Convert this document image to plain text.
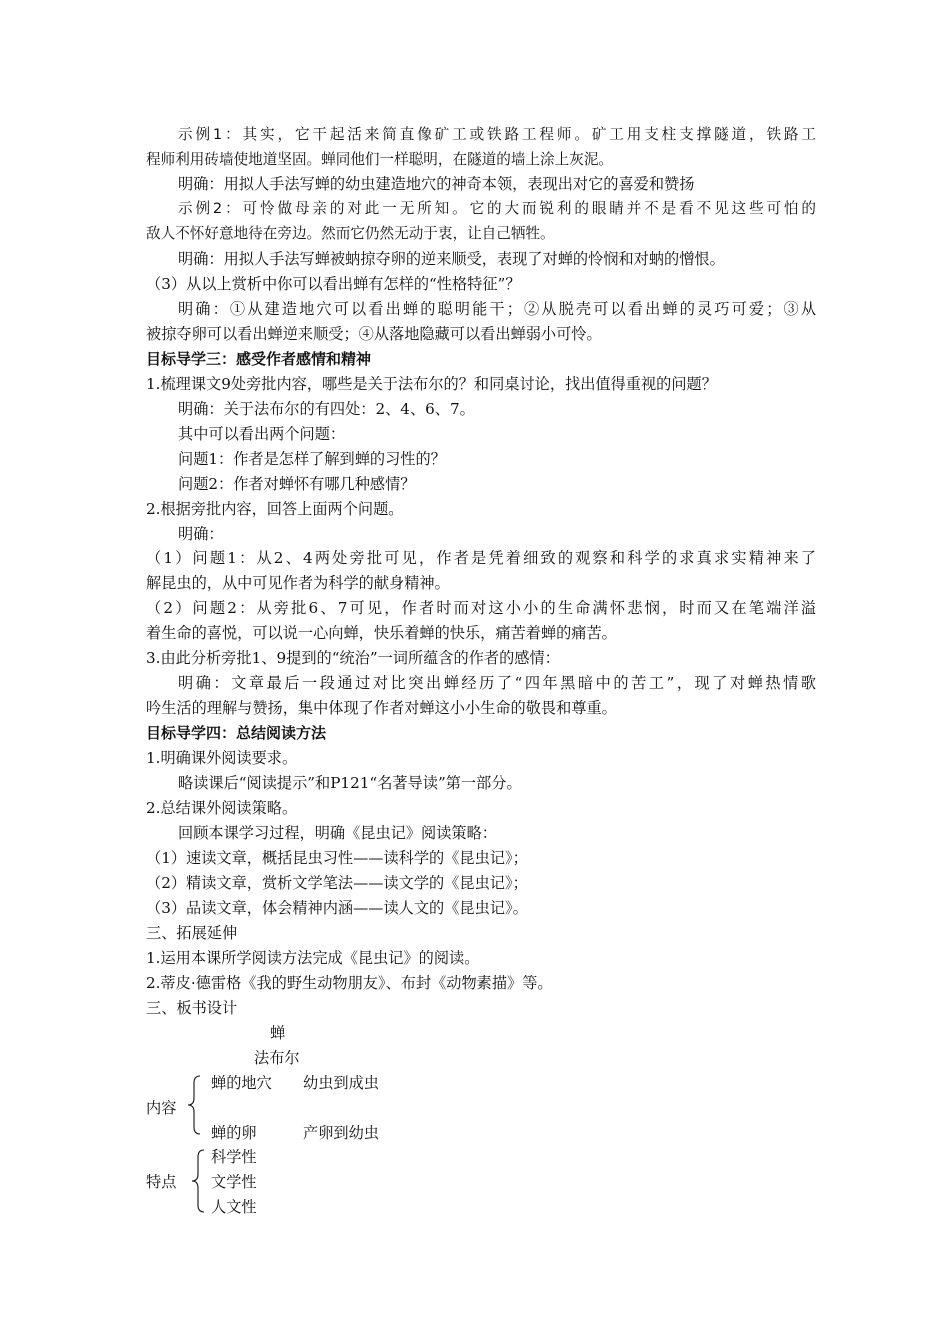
示例1：其实，它干起活来简直像矿工或铁路工程师。矿工用支柱支撑隧道，铁路工

程师利用砖墙使地道坚固。蝉同他们一样聪明，在隧道的墙上涂上灰泥。

明确：用拟人手法写蝉的幼虫建造地穴的神奇本领，表现出对它的喜爱和赞扬

示例2：可怜做母亲的对此一无所知。它的大而锐利的眼睛并不是看不见这些可怕的

敌人不怀好意地待在旁边。然而它仍然无动于衷，让自己牺牲。

明确：用拟人手法写蝉被蚋掠夺卵的逆来顺受，表现了对蝉的怜悯和对蚋的憎恨。

（3）从以上赏析中你可以看出蝉有怎样的“性格特征”？

明确：①从建造地穴可以看出蝉的聪明能干；②从脱壳可以看出蝉的灵巧可爱；③从

被掠夺卵可以看出蝉逆来顺受；④从落地隐藏可以看出蝉弱小可怜。

目标导学三：感受作者感情和精神

1.梳理课文9处旁批内容，哪些是关于法布尔的？和同桌讨论，找出值得重视的问题？

明确：关于法布尔的有四处：2、4、6、7。

其中可以看出两个问题：

问题1：作者是怎样了解到蝉的习性的？

问题2：作者对蝉怀有哪几种感情？

2.根据旁批内容，回答上面两个问题。

明确：

（1）问题1：从2、4两处旁批可见，作者是凭着细致的观察和科学的求真求实精神来了

解昆虫的，从中可见作者为科学的献身精神。

（2）问题2：从旁批6、7可见，作者时而对这小小的生命满怀悲悯，时而又在笔端洋溢

着生命的喜悦，可以说一心向蝉，快乐着蝉的快乐，痛苦着蝉的痛苦。

3.由此分析旁批1、9提到的“统治”一词所蕴含的作者的感情：

明确：文章最后一段通过对比突出蝉经历了“四年黑暗中的苦工”，现了对蝉热情歌

吟生活的理解与赞扬，集中体现了作者对蝉这小小生命的敬畏和尊重。

目标导学四：总结阅读方法

1.明确课外阅读要求。

略读课后“阅读提示”和P121“名著导读”第一部分。

2.总结课外阅读策略。

回顾本课学习过程，明确《昆虫记》阅读策略：

（1）速读文章，概括昆虫习性——读科学的《昆虫记》；

（2）精读文章，赏析文学笔法——读文学的《昆虫记》；

（3）品读文章，体会精神内涵——读人文的《昆虫记》。

三、拓展延伸

1.运用本课所学阅读方法完成《昆虫记》的阅读。

2.蒂皮·德雷格《我的野生动物朋友》、布封《动物素描》等。

三、板书设计

蝉

法布尔

内容

蝉的地穴 幼虫到成虫

蝉的卵	产卵到幼虫

特点

科学性

文学性

人文性
